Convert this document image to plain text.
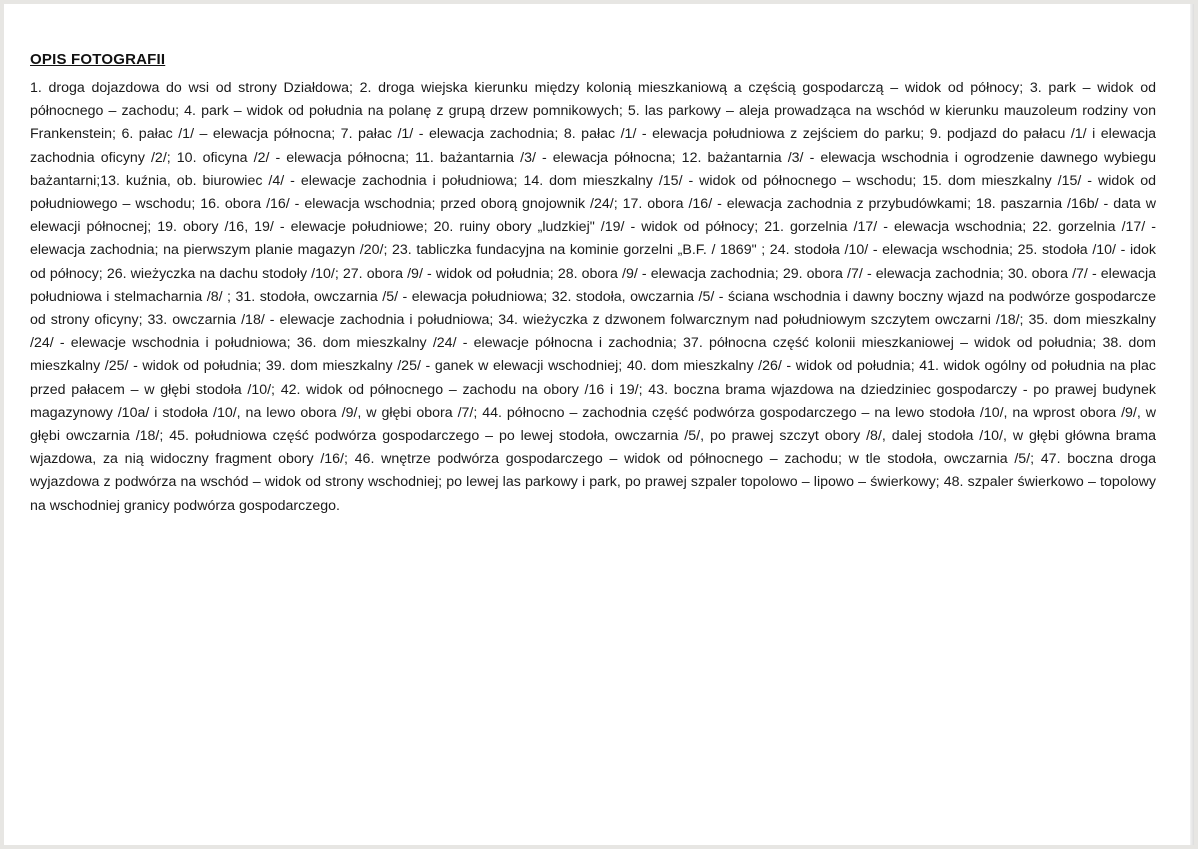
OPIS FOTOGRAFII

1. droga dojazdowa do wsi od strony Działdowa; 2. droga wiejska kierunku między kolonią mieszkaniową a częścią gospodarczą – widok od północy; 3. park – widok od północnego – zachodu; 4. park – widok od południa na polanę z grupą drzew pomnikowych; 5. las parkowy – aleja prowadząca na wschód w kierunku mauzoleum rodziny von Frankenstein; 6. pałac /1/ – elewacja północna; 7. pałac /1/ - elewacja zachodnia; 8. pałac /1/ - elewacja południowa z zejściem do parku; 9. podjazd do pałacu /1/ i elewacja zachodnia oficyny /2/; 10. oficyna /2/ - elewacja północna; 11. bażantarnia /3/ - elewacja północna; 12. bażantarnia /3/ - elewacja wschodnia i ogrodzenie dawnego wybiegu bażantarni;13. kuźnia, ob. biurowiec /4/ - elewacje zachodnia i południowa; 14. dom mieszkalny /15/ - widok od północnego – wschodu; 15. dom mieszkalny /15/ - widok od południowego – wschodu; 16. obora /16/ - elewacja wschodnia; przed oborą gnojownik /24/; 17. obora /16/ - elewacja zachodnia z przybudówkami; 18. paszarnia /16b/ - data w elewacji północnej; 19. obory /16, 19/ - elewacje południowe; 20. ruiny obory „ludzkiej" /19/ - widok od północy; 21. gorzelnia /17/ - elewacja wschodnia; 22. gorzelnia /17/ - elewacja zachodnia; na pierwszym planie magazyn /20/; 23. tabliczka fundacyjna na kominie gorzelni „B.F. / 1869" ; 24. stodoła /10/ - elewacja wschodnia; 25. stodoła /10/ - idok od północy; 26. wieżyczka na dachu stodoły /10/; 27. obora /9/ - widok od południa; 28. obora /9/ - elewacja zachodnia; 29. obora /7/ - elewacja zachodnia; 30. obora /7/ - elewacja południowa i stelmacharnia /8/ ; 31. stodoła, owczarnia /5/ - elewacja południowa; 32. stodoła, owczarnia /5/ - ściana wschodnia i dawny boczny wjazd na podwórze gospodarcze od strony oficyny; 33. owczarnia /18/ - elewacje zachodnia i południowa; 34. wieżyczka z dzwonem folwarcznym nad południowym szczytem owczarni /18/; 35. dom mieszkalny /24/ - elewacje wschodnia i południowa; 36. dom mieszkalny /24/ - elewacje północna i zachodnia; 37. północna część kolonii mieszkaniowej – widok od południa; 38. dom mieszkalny /25/ - widok od południa; 39. dom mieszkalny /25/ - ganek w elewacji wschodniej; 40. dom mieszkalny /26/ - widok od południa; 41. widok ogólny od południa na plac przed pałacem – w głębi stodoła /10/; 42. widok od północnego – zachodu na obory /16 i 19/; 43. boczna brama wjazdowa na dziedziniec gospodarczy - po prawej budynek magazynowy /10a/ i stodoła /10/, na lewo obora /9/, w głębi obora /7/; 44. północno – zachodnia część podwórza gospodarczego – na lewo stodoła /10/, na wprost obora /9/, w głębi owczarnia /18/; 45. południowa część podwórza gospodarczego – po lewej stodoła, owczarnia /5/, po prawej szczyt obory /8/, dalej stodoła /10/, w głębi główna brama wjazdowa, za nią widoczny fragment obory /16/; 46. wnętrze podwórza gospodarczego – widok od północnego – zachodu; w tle stodoła, owczarnia /5/; 47. boczna droga wyjazdowa z podwórza na wschód – widok od strony wschodniej; po lewej las parkowy i park, po prawej szpaler topolowo – lipowo – świerkowy; 48. szpaler świerkowo – topolowy na wschodniej granicy podwórza gospodarczego.
